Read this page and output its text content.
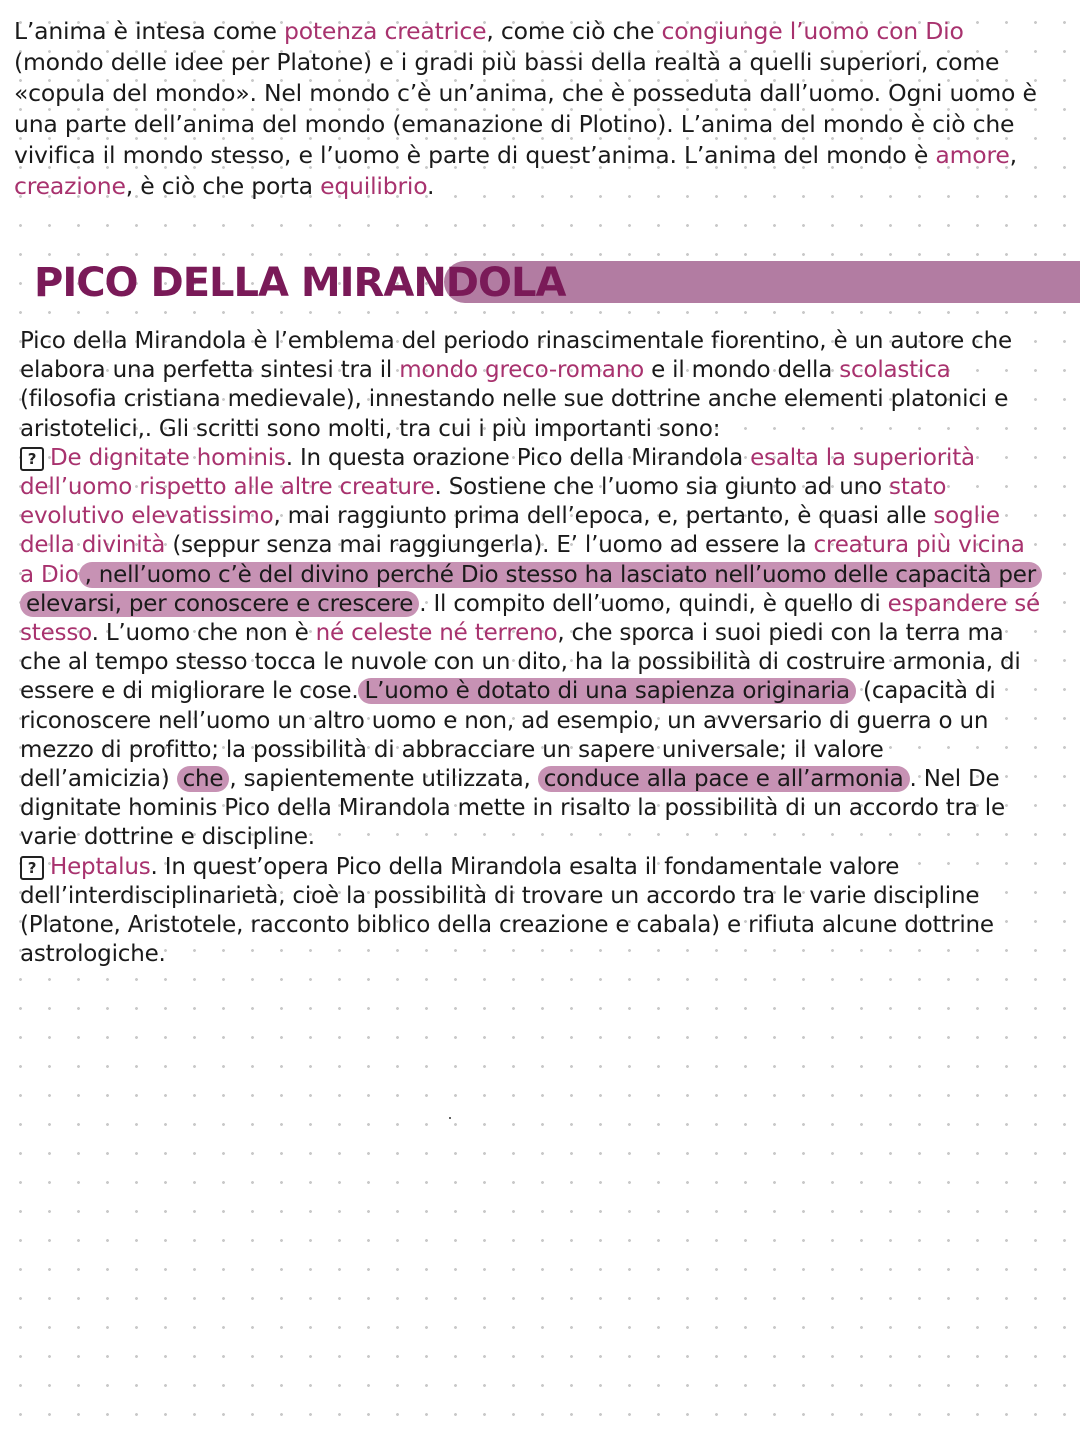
L’anima è intesa come potenza creatrice, come ciò che congiunge l’uomo con Dio (mondo delle idee per Platone) e i gradi più bassi della realtà a quelli superiori, come «copula del mondo». Nel mondo c’è un’anima, che è posseduta dall’uomo. Ogni uomo è una parte dell’anima del mondo (emanazione di Plotino). L’anima del mondo è ciò che vivifica il mondo stesso, e l’uomo è parte di quest’anima. L’anima del mondo è amore, creazione, è ciò che porta equilibrio.

PICO DELLA MIRANDOLA

Pico della Mirandola è l’emblema del periodo rinascimentale fiorentino, è un autore che elabora una perfetta sintesi tra il mondo greco-romano e il mondo della scolastica (filosofia cristiana medievale), innestando nelle sue dottrine anche elementi platonici e aristotelici,. Gli scritti sono molti, tra cui i più importanti sono:
? De dignitate hominis. In questa orazione Pico della Mirandola esalta la superiorità dell’uomo rispetto alle altre creature. Sostiene che l’uomo sia giunto ad uno stato evolutivo elevatissimo, mai raggiunto prima dell’epoca, e, pertanto, è quasi alle soglie della divinità (seppur senza mai raggiungerla). E’ l’uomo ad essere la creatura più vicina a Dio , nell’uomo c’è del divino perché Dio stesso ha lasciato nell’uomo delle capacità per elevarsi, per conoscere e crescere . Il compito dell’uomo, quindi, è quello di espandere sé stesso. L’uomo che non è né celeste né terreno, che sporca i suoi piedi con la terra ma che al tempo stesso tocca le nuvole con un dito, ha la possibilità di costruire armonia, di essere e di migliorare le cose. L’uomo è dotato di una sapienza originaria (capacità di riconoscere nell’uomo un altro uomo e non, ad esempio, un avversario di guerra o un mezzo di profitto; la possibilità di abbracciare un sapere universale; il valore dell’amicizia) che , sapientemente utilizzata, conduce alla pace e all’armonia . Nel De dignitate hominis Pico della Mirandola mette in risalto la possibilità di un accordo tra le varie dottrine e discipline.
? Heptalus. In quest’opera Pico della Mirandola esalta il fondamentale valore dell’interdisciplinarietà, cioè la possibilità di trovare un accordo tra le varie discipline (Platone, Aristotele, racconto biblico della creazione e cabala) e rifiuta alcune dottrine astrologiche.
